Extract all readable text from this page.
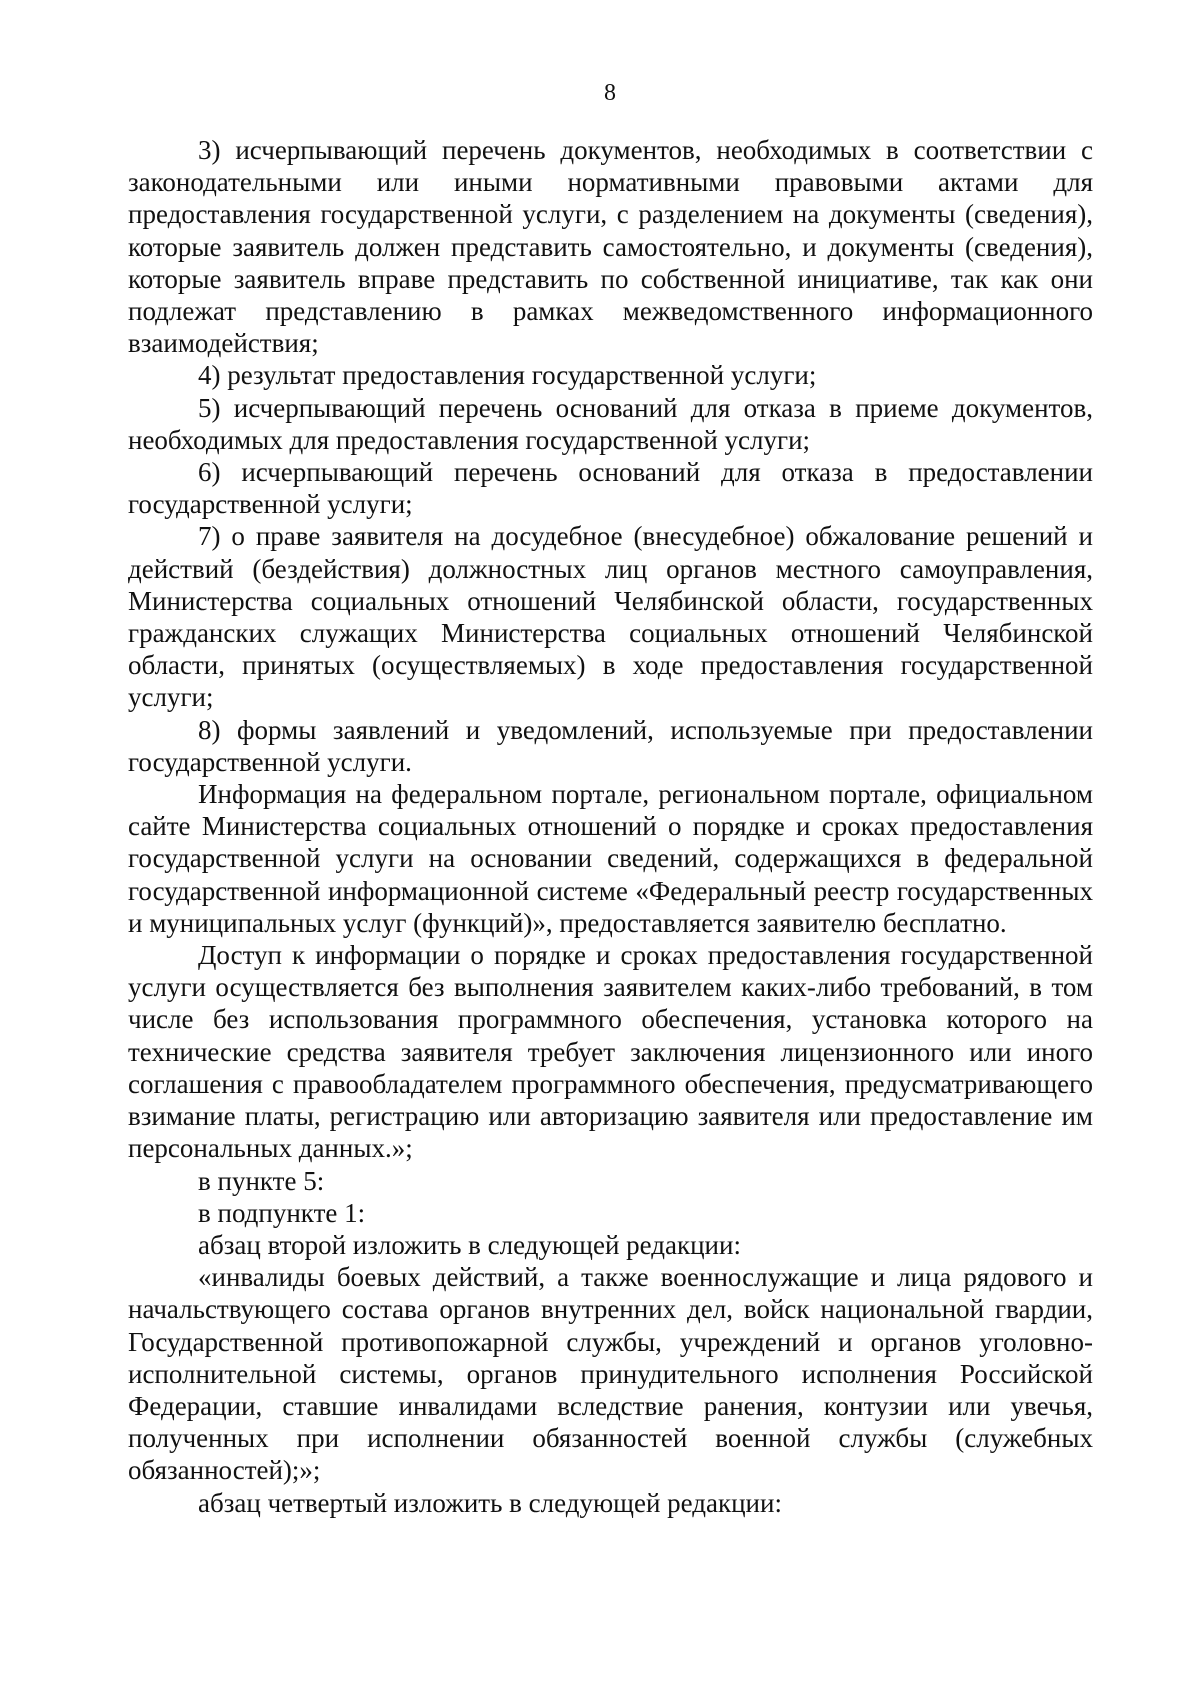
8

3) исчерпывающий перечень документов, необходимых в соответствии с законодательными или иными нормативными правовыми актами для предоставления государственной услуги, с разделением на документы (сведения), которые заявитель должен представить самостоятельно, и документы (сведения), которые заявитель вправе представить по собственной инициативе, так как они подлежат представлению в рамках межведомственного информационного взаимодействия;

4) результат предоставления государственной услуги;

5) исчерпывающий перечень оснований для отказа в приеме документов, необходимых для предоставления государственной услуги;

6) исчерпывающий перечень оснований для отказа в предоставлении государственной услуги;

7) о праве заявителя на досудебное (внесудебное) обжалование решений и действий (бездействия) должностных лиц органов местного самоуправления, Министерства социальных отношений Челябинской области, государственных гражданских служащих Министерства социальных отношений Челябинской области, принятых (осуществляемых) в ходе предоставления государственной услуги;

8) формы заявлений и уведомлений, используемые при предоставлении государственной услуги.

Информация на федеральном портале, региональном портале, официальном сайте Министерства социальных отношений о порядке и сроках предоставления государственной услуги на основании сведений, содержащихся в федеральной государственной информационной системе «Федеральный реестр государственных и муниципальных услуг (функций)», предоставляется заявителю бесплатно.

Доступ к информации о порядке и сроках предоставления государственной услуги осуществляется без выполнения заявителем каких-либо требований, в том числе без использования программного обеспечения, установка которого на технические средства заявителя требует заключения лицензионного или иного соглашения с правообладателем программного обеспечения, предусматривающего взимание платы, регистрацию или авторизацию заявителя или предоставление им персональных данных.»;

в пункте 5:

в подпункте 1:

абзац второй изложить в следующей редакции:

«инвалиды боевых действий, а также военнослужащие и лица рядового и начальствующего состава органов внутренних дел, войск национальной гвардии, Государственной противопожарной службы, учреждений и органов уголовно-исполнительной системы, органов принудительного исполнения Российской Федерации, ставшие инвалидами вследствие ранения, контузии или увечья, полученных при исполнении обязанностей военной службы (служебных обязанностей);»;

абзац четвертый изложить в следующей редакции:
